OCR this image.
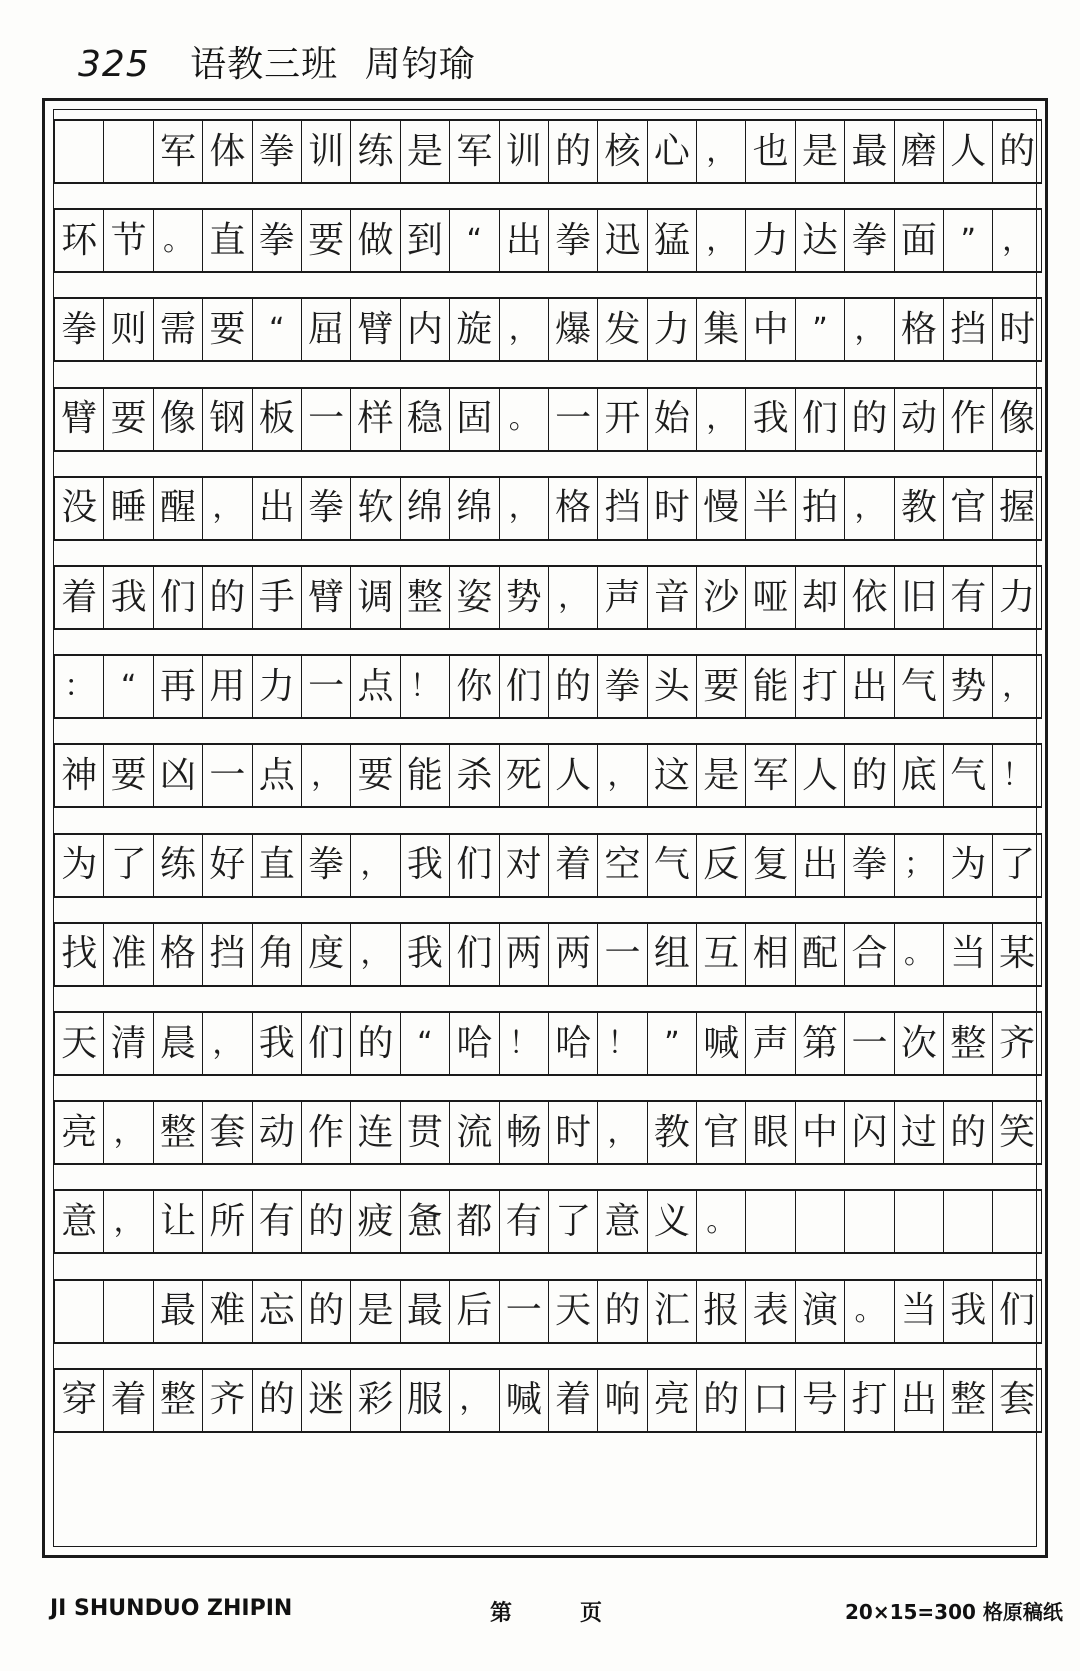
325 语教三班 周钧瑜
军 体 拳 训 练 是 军 训 的 核 心 ， 也 是 最 磨 人 的
环 节 。 直 拳 要 做 到 “ 出 拳 迅 猛 ， 力 达 拳 面 ” ，
拳 则 需 要 “ 屈 臂 内 旋 ， 爆 发 力 集 中 ” ， 格 挡 时
臂 要 像 钢 板 一 样 稳 固 。 一 开 始 ， 我 们 的 动 作 像
没 睡 醒 ， 出 拳 软 绵 绵 ， 格 挡 时 慢 半 拍 ， 教 官 握
着 我 们 的 手 臂 调 整 姿 势 ， 声 音 沙 哑 却 依 旧 有 力
： “ 再 用 力 一 点 ！ 你 们 的 拳 头 要 能 打 出 气 势 ，
神 要 凶 一 点 ， 要 能 杀 死 人 ， 这 是 军 人 的 底 气 ！
为 了 练 好 直 拳 ， 我 们 对 着 空 气 反 复 出 拳 ； 为 了
找 准 格 挡 角 度 ， 我 们 两 两 一 组 互 相 配 合 。 当 某
天 清 晨 ， 我 们 的 “ 哈 ！ 哈 ！ ” 喊 声 第 一 次 整 齐
亮 ， 整 套 动 作 连 贯 流 畅 时 ， 教 官 眼 中 闪 过 的 笑
意 ， 让 所 有 的 疲 惫 都 有 了 意 义 。
最 难 忘 的 是 最 后 一 天 的 汇 报 表 演 。 当 我 们
穿 着 整 齐 的 迷 彩 服 ， 喊 着 响 亮 的 口 号 打 出 整 套
JI SHUNDUO ZHIPIN	第	页	20×15=300 格原稿纸
